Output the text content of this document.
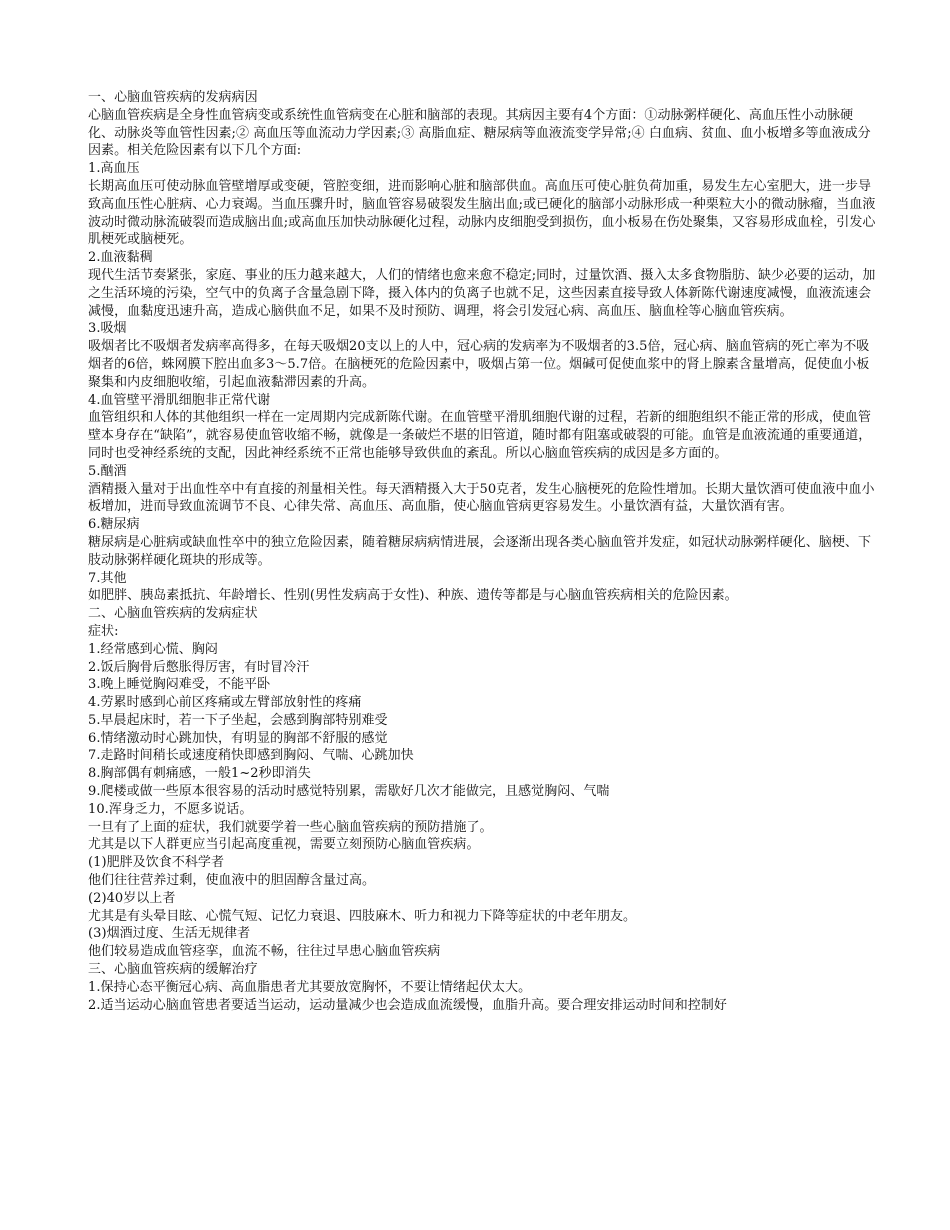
一、心脑血管疾病的发病病因

心脑血管疾病是全身性血管病变或系统性血管病变在心脏和脑部的表现。其病因主要有4个方面：①动脉粥样硬化、高血压性小动脉硬化、动脉炎等血管性因素;② 高血压等血流动力学因素;③ 高脂血症、糖尿病等血液流变学异常;④ 白血病、贫血、血小板增多等血液成分因素。相关危险因素有以下几个方面:

1.高血压

长期高血压可使动脉血管壁增厚或变硬，管腔变细，进而影响心脏和脑部供血。高血压可使心脏负荷加重，易发生左心室肥大，进一步导致高血压性心脏病、心力衰竭。当血压骤升时，脑血管容易破裂发生脑出血;或已硬化的脑部小动脉形成一种栗粒大小的微动脉瘤，当血液波动时微动脉流破裂而造成脑出血;或高血压加快动脉硬化过程，动脉内皮细胞受到损伤，血小板易在伤处聚集，又容易形成血栓，引发心肌梗死或脑梗死。

2.血液黏稠

现代生活节奏紧张，家庭、事业的压力越来越大，人们的情绪也愈来愈不稳定;同时，过量饮酒、摄入太多食物脂肪、缺少必要的运动，加之生活环境的污染，空气中的负离子含量急剧下降，摄入体内的负离子也就不足，这些因素直接导致人体新陈代谢速度减慢，血液流速会减慢，血黏度迅速升高，造成心脑供血不足，如果不及时预防、调理，将会引发冠心病、高血压、脑血栓等心脑血管疾病。

3.吸烟

吸烟者比不吸烟者发病率高得多，在每天吸烟20支以上的人中，冠心病的发病率为不吸烟者的3.5倍，冠心病、脑血管病的死亡率为不吸烟者的6倍，蛛网膜下腔出血多3～5.7倍。在脑梗死的危险因素中，吸烟占第一位。烟碱可促使血浆中的肾上腺素含量增高，促使血小板聚集和内皮细胞收缩，引起血液黏滞因素的升高。

4.血管壁平滑肌细胞非正常代谢

血管组织和人体的其他组织一样在一定周期内完成新陈代谢。在血管壁平滑肌细胞代谢的过程，若新的细胞组织不能正常的形成，使血管壁本身存在“缺陷”，就容易使血管收缩不畅，就像是一条破烂不堪的旧管道，随时都有阻塞或破裂的可能。血管是血液流通的重要通道，同时也受神经系统的支配，因此神经系统不正常也能够导致供血的紊乱。所以心脑血管疾病的成因是多方面的。

5.酗酒

酒精摄入量对于出血性卒中有直接的剂量相关性。每天酒精摄入大于50克者，发生心脑梗死的危险性增加。长期大量饮酒可使血液中血小板增加，进而导致血流调节不良、心律失常、高血压、高血脂，使心脑血管病更容易发生。小量饮酒有益，大量饮酒有害。

6.糖尿病

糖尿病是心脏病或缺血性卒中的独立危险因素，随着糖尿病病情进展，会逐渐出现各类心脑血管并发症，如冠状动脉粥样硬化、脑梗、下肢动脉粥样硬化斑块的形成等。

7.其他

如肥胖、胰岛素抵抗、年龄增长、性别(男性发病高于女性)、种族、遗传等都是与心脑血管疾病相关的危险因素。

二、心脑血管疾病的发病症状

症状:

1.经常感到心慌、胸闷

2.饭后胸骨后憋胀得厉害，有时冒冷汗

3.晚上睡觉胸闷难受，不能平卧

4.劳累时感到心前区疼痛或左臂部放射性的疼痛

5.早晨起床时，若一下子坐起，会感到胸部特别难受

6.情绪激动时心跳加快，有明显的胸部不舒服的感觉

7.走路时间稍长或速度稍快即感到胸闷、气喘、心跳加快

8.胸部偶有刺痛感，一般1~2秒即消失

9.爬楼或做一些原本很容易的活动时感觉特别累，需歇好几次才能做完，且感觉胸闷、气喘

10.浑身乏力，不愿多说话。

一旦有了上面的症状，我们就要学着一些心脑血管疾病的预防措施了。

尤其是以下人群更应当引起高度重视，需要立刻预防心脑血管疾病。

(1)肥胖及饮食不科学者

他们往往营养过剩，使血液中的胆固醇含量过高。

(2)40岁以上者

尤其是有头晕目眩、心慌气短、记忆力衰退、四肢麻木、听力和视力下降等症状的中老年朋友。

(3)烟酒过度、生活无规律者

他们较易造成血管痉挛，血流不畅，往往过早患心脑血管疾病

三、心脑血管疾病的缓解治疗

1.保持心态平衡冠心病、高血脂患者尤其要放宽胸怀，不要让情绪起伏太大。

2.适当运动心脑血管患者要适当运动，运动量减少也会造成血流缓慢，血脂升高。要合理安排运动时间和控制好
